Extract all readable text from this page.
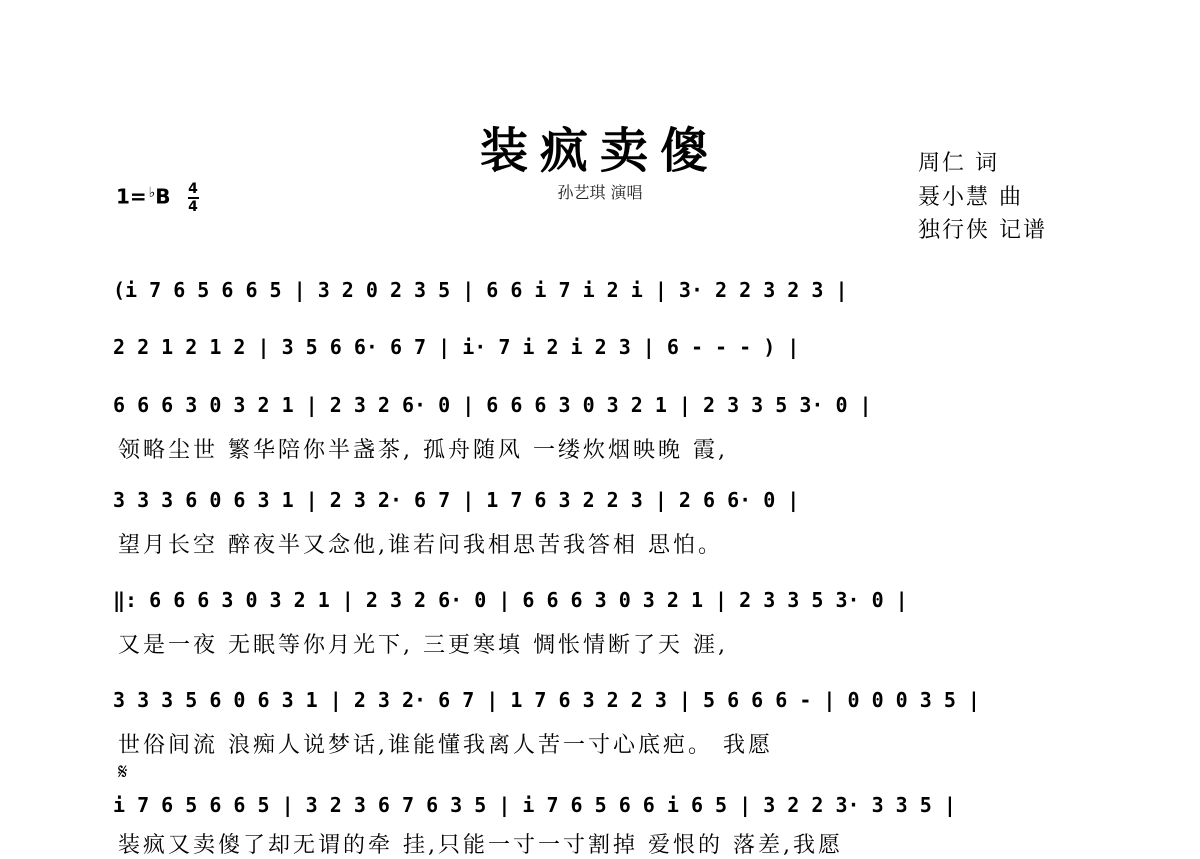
装疯卖傻
孙艺琪 演唱
周仁 词
聂小慧 曲
独行侠 记谱
$1= ^♭B \frac{4}{4}$
(i 7 6 5 6 6 5 | 3 2 0 2 3 5 | 6 6 i 7 i 2 i | 3· 2 2 3 2 3 |
2 2 1 2 1 2 | 3 5 6 6· 6 7 | i· 7 i 2 i 2 3 | 6 - - - ) |
6 6 6 3 0 3 2 1 | 2 3 2 6· 0 | 6 6 6 3 0 3 2 1 | 2 3 3 5 3· 0 |
领略尘世 繁华陪你半盏茶, 孤舟随风 一缕炊烟映晚 霞,
3 3 3 6 0 6 3 1 | 2 3 2· 6 7 | 1 7 6 3 2 2 3 | 2 6 6· 0 |
望月长空 醉夜半又念他,谁若问我相思苦我答相 思怕。
‖: 6 6 6 3 0 3 2 1 | 2 3 2 6· 0 | 6 6 6 3 0 3 2 1 | 2 3 3 5 3· 0 |
又是一夜 无眠等你月光下, 三更寒填 惆怅情断了天 涯,
3 3 3 5 6 0 6 3 1 | 2 3 2· 6 7 | 1 7 6 3 2 2 3 | 5 6 6 6 - | 0 0 0 3 5 |
世俗间流 浪痴人说梦话,谁能懂我离人苦一寸心底疤。 我愿
𝄋
i 7 6 5 6 6 5 | 3 2 3 6 7 6 3 5 | i 7 6 5 6 6 i 6 5 | 3 2 2 3· 3 3 5 |
装疯又卖傻了却无谓的牵 挂,只能一寸一寸割掉 爱恨的 落差,我愿
